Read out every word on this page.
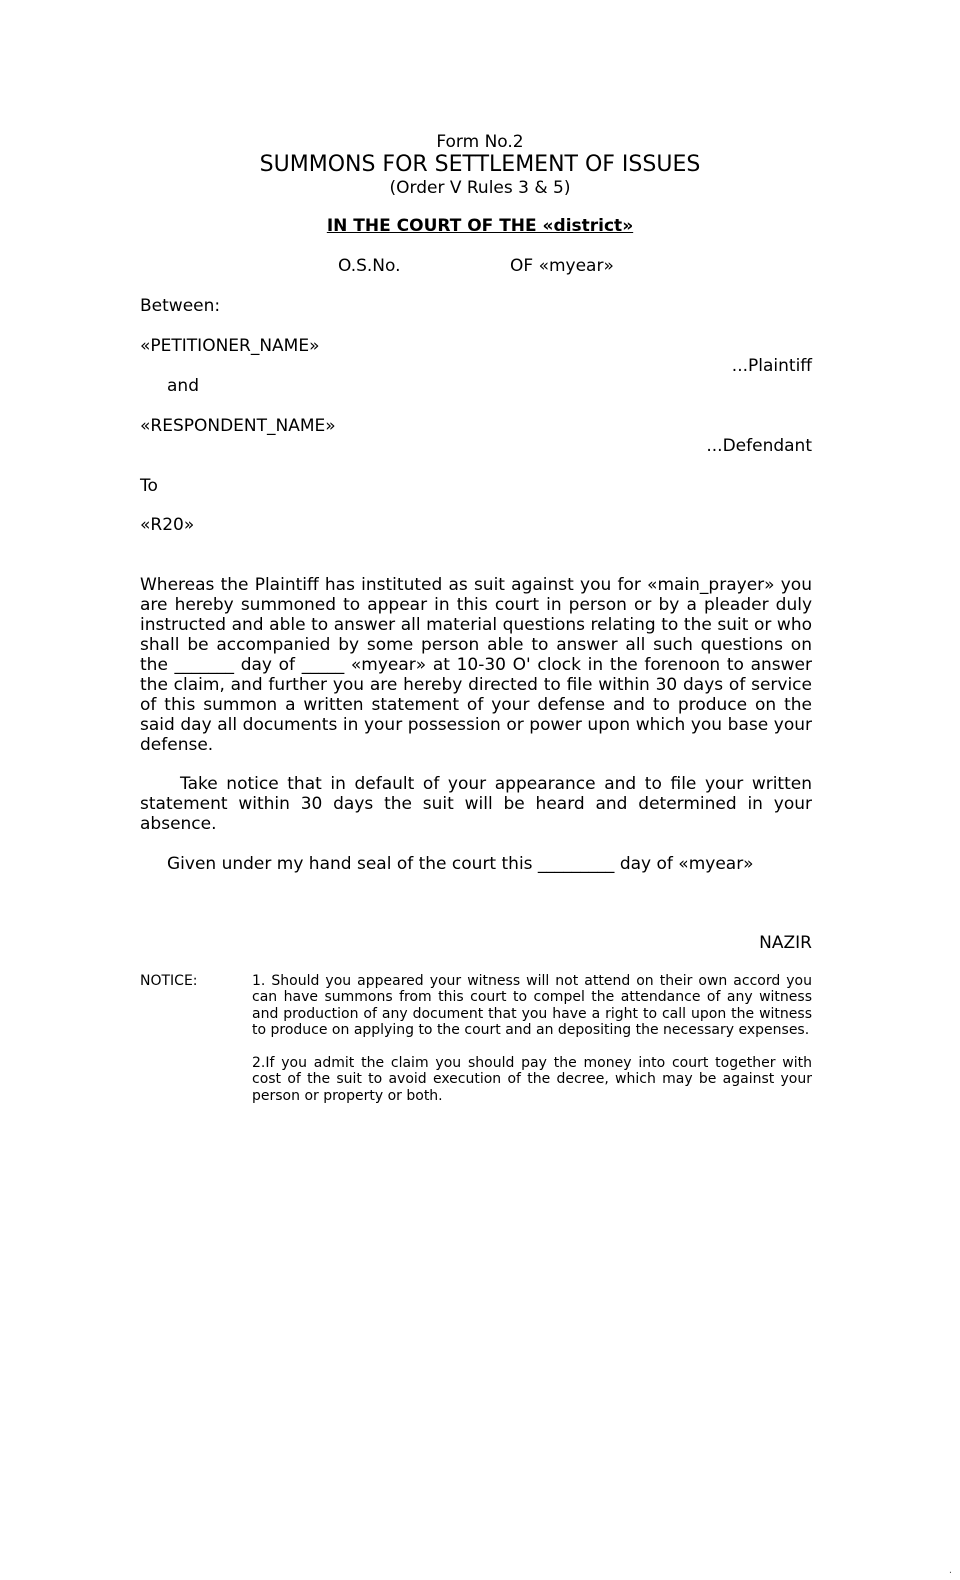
Form No.2
SUMMONS FOR SETTLEMENT OF ISSUES
(Order V Rules 3 & 5)
IN THE COURT OF THE «district»
O.S.No.	OF «myear»
Between:
«PETITIONER_NAME»
...Plaintiff
and
«RESPONDENT_NAME»
...Defendant
To
«R20»
Whereas the Plaintiff has instituted as suit against you for «main_prayer» you are hereby summoned to appear in this court in person or by a pleader duly instructed and able to answer all material questions relating to the suit or who shall be accompanied by some person able to answer all such questions on the _______ day of _____ «myear» at 10-30 O' clock in the forenoon to answer the claim, and further you are hereby directed to file within 30 days of service of this summon a written statement of your defense and to produce on the said day all documents in your possession or power upon which you base your defense.
Take notice that in default of your appearance and to file your written statement within 30 days the suit will be heard and determined in your absence.
Given under my hand seal of the court this _________ day of «myear»
NAZIR
NOTICE:	1. Should you appeared your witness will not attend on their own accord you can have summons from this court to compel the attendance of any witness and production of any document that you have a right to call upon the witness to produce on applying to the court and an depositing the necessary expenses.
2.If you admit the claim you should pay the money into court together with cost of the suit to avoid execution of the decree, which may be against your person or property or both.
.
